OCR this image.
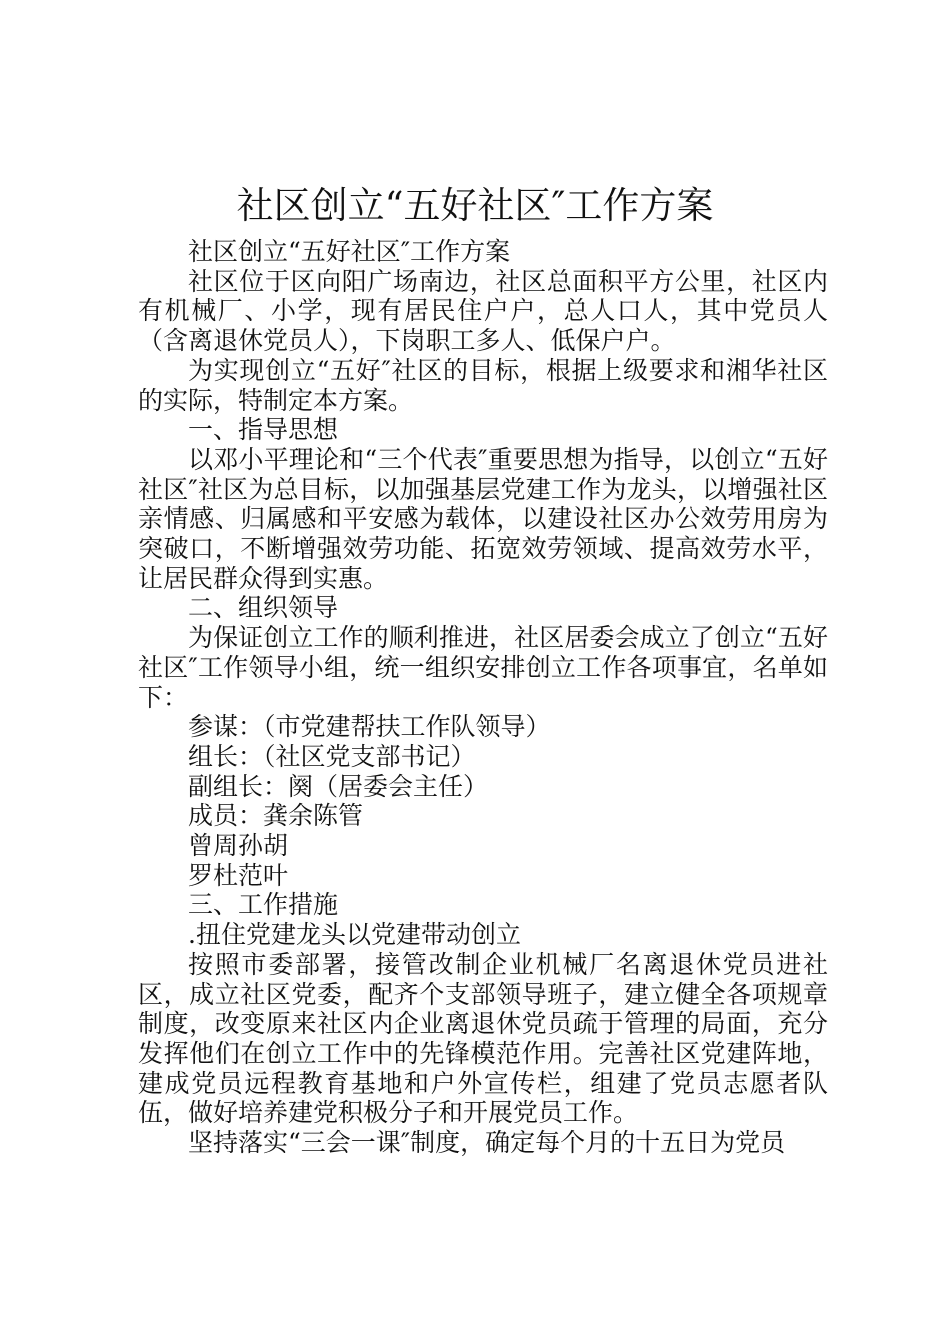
社区创立“五好社区″工作方案

社区创立“五好社区″工作方案

社区位于区向阳广场南边，社区总面积平方公里，社区内有机械厂、小学，现有居民住户户，总人口人，其中党员人（含离退休党员人），下岗职工多人、低保户户。

为实现创立“五好″社区的目标，根据上级要求和湘华社区的实际，特制定本方案。

一、指导思想

以邓小平理论和“三个代表″重要思想为指导，以创立“五好社区″社区为总目标，以加强基层党建工作为龙头，以增强社区亲情感、归属感和平安感为载体，以建设社区办公效劳用房为突破口，不断增强效劳功能、拓宽效劳领域、提高效劳水平，让居民群众得到实惠。

二、组织领导

为保证创立工作的顺利推进，社区居委会成立了创立“五好社区″工作领导小组，统一组织安排创立工作各项事宜，名单如下：

参谋：（市党建帮扶工作队领导）

组长：（社区党支部书记）

副组长：阕（居委会主任）

成员：龚余陈管

曾周孙胡

罗杜范叶

三、工作措施

.扭住党建龙头以党建带动创立

按照市委部署，接管改制企业机械厂名离退休党员进社区，成立社区党委，配齐个支部领导班子，建立健全各项规章制度，改变原来社区内企业离退休党员疏于管理的局面，充分发挥他们在创立工作中的先锋模范作用。完善社区党建阵地，建成党员远程教育基地和户外宣传栏，组建了党员志愿者队伍，做好培养建党积极分子和开展党员工作。

坚持落实“三会一课″制度，确定每个月的十五日为党员
